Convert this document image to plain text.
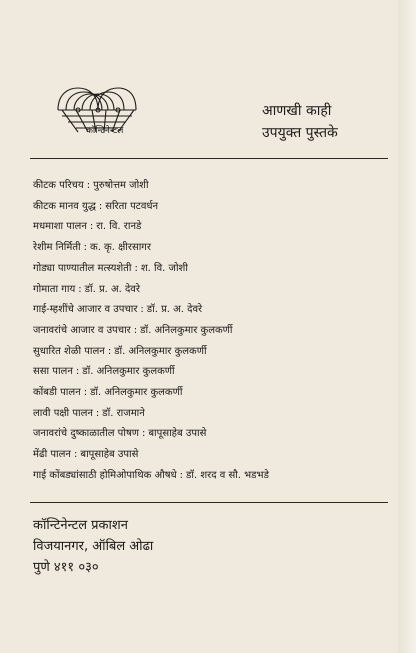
कॉन्टिनेन्टल
आणखी काही
उपयुक्त पुस्तके
कीटक परिचय : पुरुषोत्तम जोशी
कीटक मानव युद्ध : सरिता पटवर्धन
मधमाशा पालन : रा. वि. रानडे
रेशीम निर्मिती : क. कृ. क्षीरसागर
गोड्या पाण्यातील मत्स्यशेती : श. वि. जोशी
गोमाता गाय : डॉ. प्र. अ. देवरे
गाई-म्हशींचे आजार व उपचार : डॉ. प्र. अ. देवरे
जनावरांचे आजार व उपचार : डॉ. अनिलकुमार कुलकर्णी
सुधारित शेळी पालन : डॉ. अनिलकुमार कुलकर्णी
ससा पालन : डॉ. अनिलकुमार कुलकर्णी
कोंबडी पालन : डॉ. अनिलकुमार कुलकर्णी
लावी पक्षी पालन : डॉ. राजमाने
जनावरांचे दुष्काळातील पोषण : बापूसाहेब उपासे
मेंढी पालन : बापूसाहेब उपासे
गाई कोंबड्यांसाठी होमिओपाथिक औषधे : डॉ. शरद व सौ. भडभडे
कॉन्टिनेन्टल प्रकाशन
विजयानगर, ऑबिल ओढा
पुणे ४११ ०३०
